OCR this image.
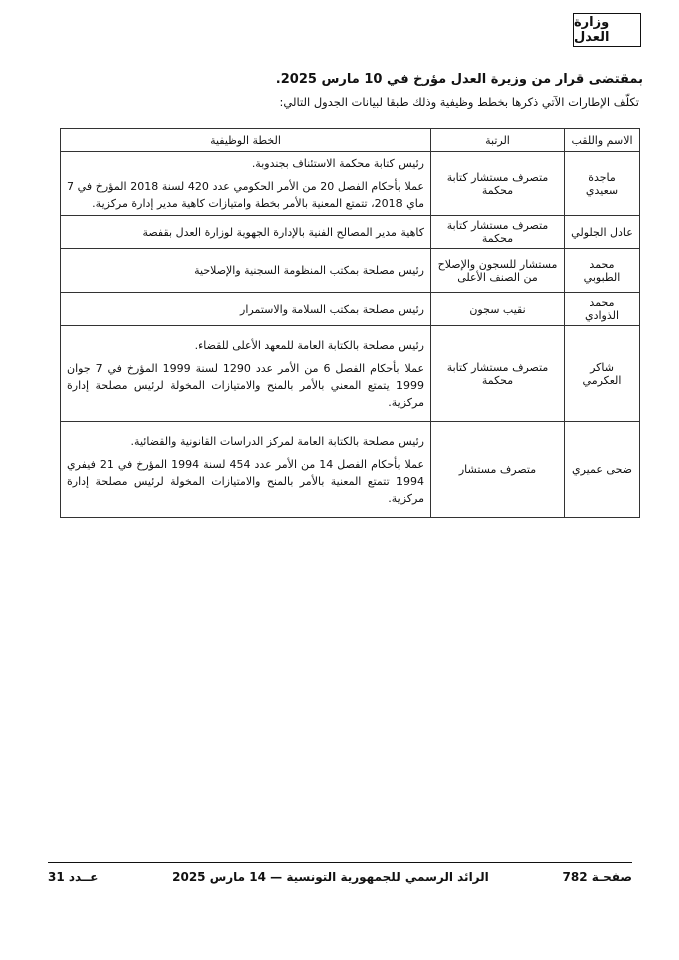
وزارة العدل
بمقتضى قرار من وزيرة العدل مؤرخ في 10 مارس 2025.
تكلّف الإطارات الآتي ذكرها بخطط وظيفية وذلك طبقا لبيانات الجدول التالي:
الاسم واللقب	الرتبة	الخطة الوظيفية
ماجدة سعيدي	متصرف مستشار كتابة محكمة	رئيس كتابة محكمة الاستئناف بجندوبة.
عملا بأحكام الفصل 20 من الأمر الحكومي عدد 420 لسنة 2018 المؤرخ في 7 ماي 2018، تتمتع المعنية بالأمر بخطة وامتيازات كاهية مدير إدارة مركزية.

عادل الجلولي	متصرف مستشار كتابة محكمة	كاهية مدير المصالح الفنية بالإدارة الجهوية لوزارة العدل بقفصة

محمد الطبوبي	مستشار للسجون والإصلاح من الصنف الأعلى	رئيس مصلحة بمكتب المنظومة السجنية والإصلاحية

محمد الذوادي	نقيب سجون	رئيس مصلحة بمكتب السلامة والاستمرار

شاكر العكرمي	متصرف مستشار كتابة محكمة	رئيس مصلحة بالكتابة العامة للمعهد الأعلى للقضاء.
عملا بأحكام الفصل 6 من الأمر عدد 1290 لسنة 1999 المؤرخ في 7 جوان 1999 يتمتع المعني بالأمر بالمنح والامتيازات المخولة لرئيس مصلحة إدارة مركزية.

ضحى عميري	متصرف مستشار	رئيس مصلحة بالكتابة العامة لمركز الدراسات القانونية والقضائية.
عملا بأحكام الفصل 14 من الأمر عدد 454 لسنة 1994 المؤرخ في 21 فيفري 1994 تتمتع المعنية بالأمر بالمنح والامتيازات المخولة لرئيس مصلحة إدارة مركزية.
صفحـة 782
الرائد الرسمي للجمهورية التونسية — 14 مارس 2025
عــدد 31
